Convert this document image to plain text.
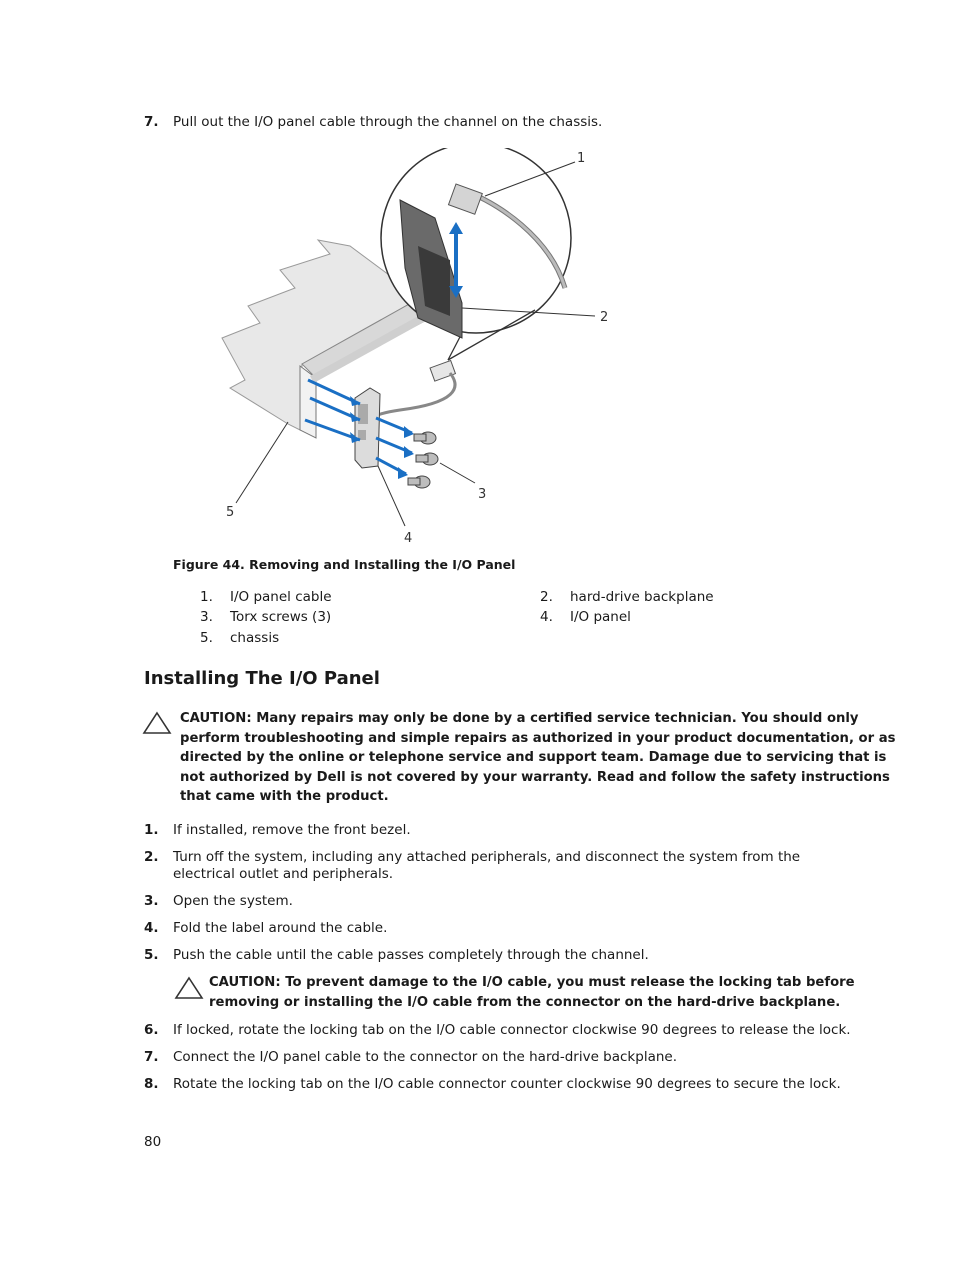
7. Pull out the I/O panel cable through the channel on the chassis.
1
2
3
4
5
Figure 44. Removing and Installing the I/O Panel
1. I/O panel cable	2. hard-drive backplane
3. Torx screws (3)	4. I/O panel
5. chassis
Installing The I/O Panel
CAUTION: Many repairs may only be done by a certified service technician. You should only
perform troubleshooting and simple repairs as authorized in your product documentation, or as
directed by the online or telephone service and support team. Damage due to servicing that is
not authorized by Dell is not covered by your warranty. Read and follow the safety instructions
that came with the product.
1. If installed, remove the front bezel.
2. Turn off the system, including any attached peripherals, and disconnect the system from the
electrical outlet and peripherals.
3. Open the system.
4. Fold the label around the cable.
5. Push the cable until the cable passes completely through the channel.
CAUTION: To prevent damage to the I/O cable, you must release the locking tab before
removing or installing the I/O cable from the connector on the hard-drive backplane.
6. If locked, rotate the locking tab on the I/O cable connector clockwise 90 degrees to release the lock.
7. Connect the I/O panel cable to the connector on the hard-drive backplane.
8. Rotate the locking tab on the I/O cable connector counter clockwise 90 degrees to secure the lock.
80
